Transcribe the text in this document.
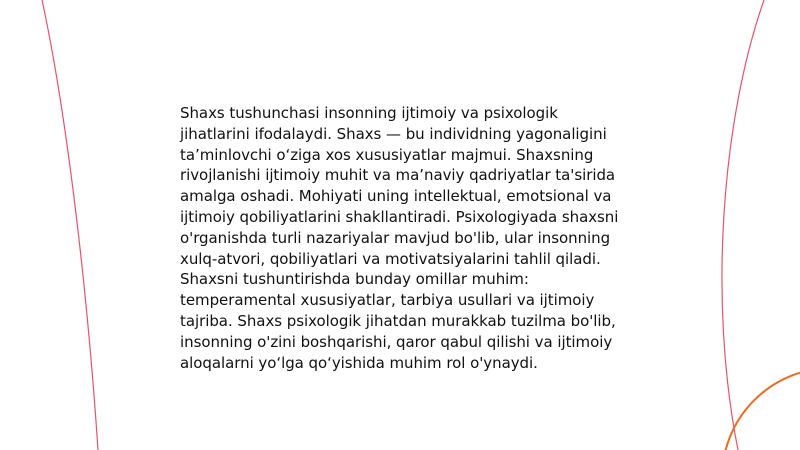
Shaxs tushunchasi insonning ijtimoiy va psixologik jihatlarini ifodalaydi. Shaxs — bu individning yagonaligini ta’minlovchi o‘ziga xos xususiyatlar majmui. Shaxsning rivojlanishi ijtimoiy muhit va ma’naviy qadriyatlar ta'sirida amalga oshadi. Mohiyati uning intellektual, emotsional va ijtimoiy qobiliyatlarini shakllantiradi. Psixologiyada shaxsni o'rganishda turli nazariyalar mavjud bo'lib, ular insonning xulq-atvori, qobiliyatlari va motivatsiyalarini tahlil qiladi. Shaxsni tushuntirishda bunday omillar muhim: temperamental xususiyatlar, tarbiya usullari va ijtimoiy tajriba. Shaxs psixologik jihatdan murakkab tuzilma bo'lib, insonning o'zini boshqarishi, qaror qabul qilishi va ijtimoiy aloqalarni yo‘lga qo‘yishida muhim rol o'ynaydi.
